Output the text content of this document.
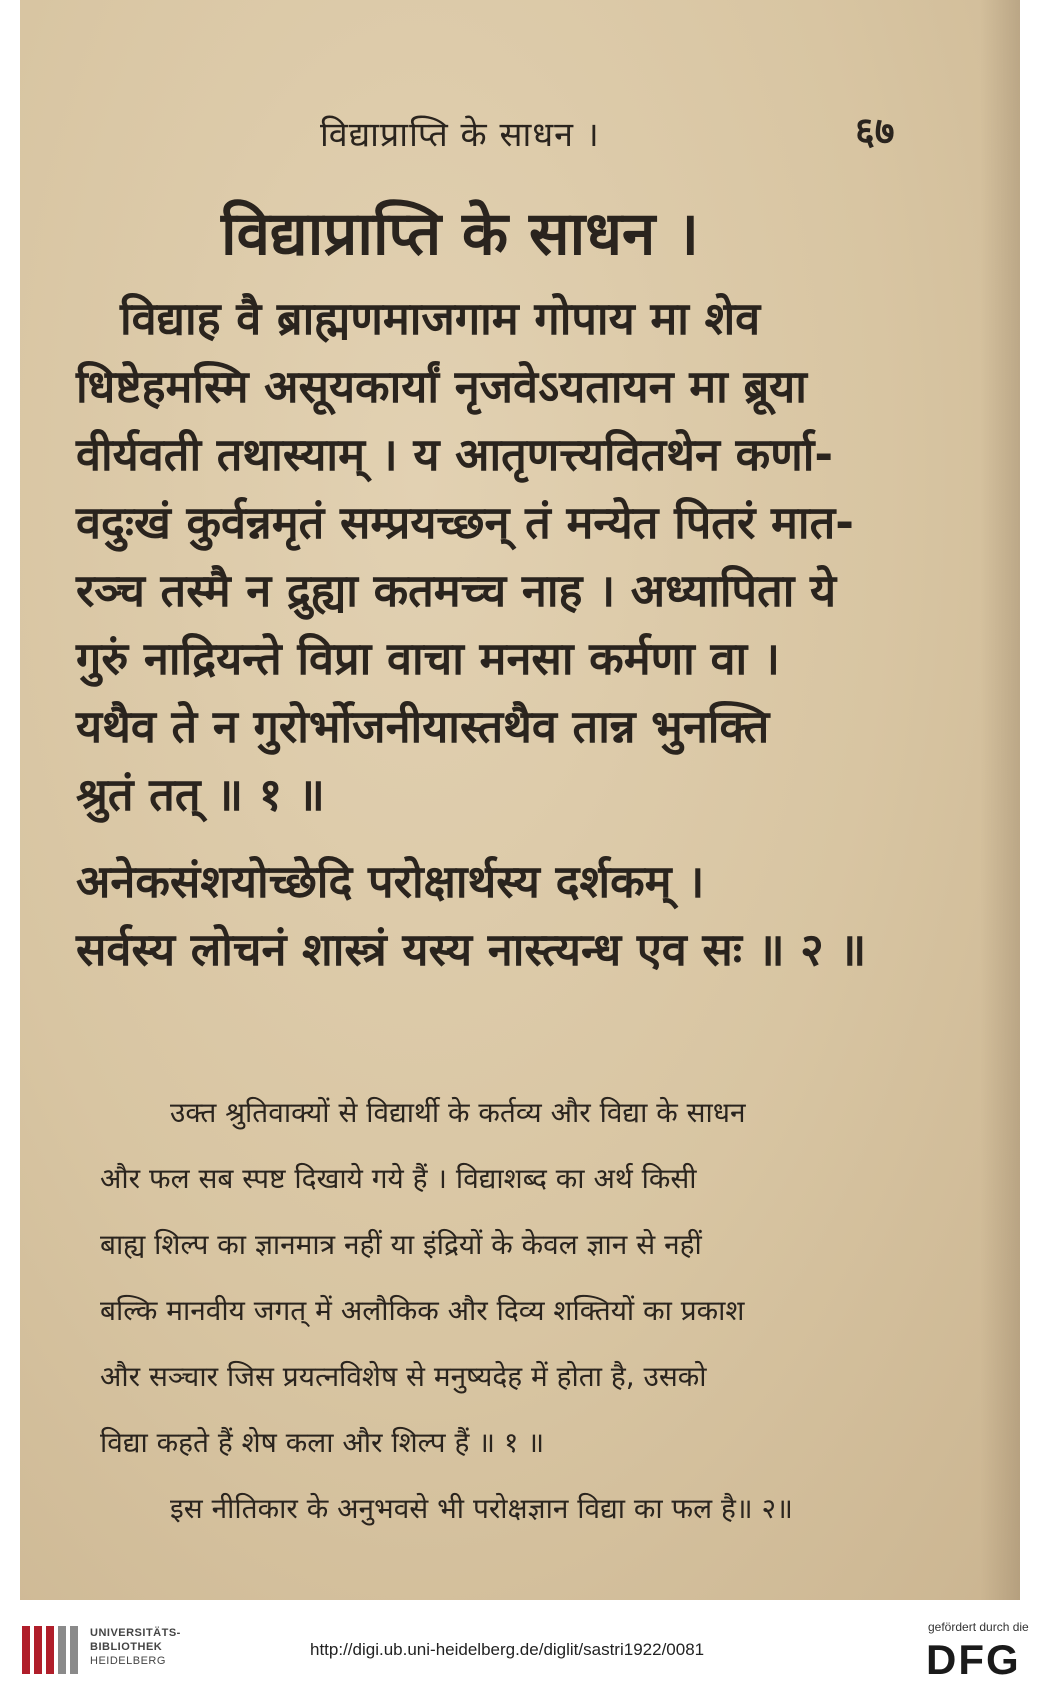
विद्याप्राप्ति के साधन ।	६७
विद्याप्राप्ति के साधन ।
विद्याह वै ब्राह्मणमाजगाम गोपाय मा शेव
धिष्टेहमस्मि असूयकार्यां नृजवेऽयतायन मा ब्रूया
वीर्यवती तथास्याम् । य आतृणत्त्यवितथेन कर्णा-
वदुःखं कुर्वन्नमृतं सम्प्रयच्छन् तं मन्येत पितरं मात-
रञ्च तस्मै न द्रुह्या कतमच्च नाह । अध्यापिता ये
गुरुं नाद्रियन्ते विप्रा वाचा मनसा कर्मणा वा ।
यथैव ते न गुरोर्भोजनीयास्तथैव तान्न भुनक्ति
श्रुतं तत् ॥ १ ॥
अनेकसंशयोच्छेदि परोक्षार्थस्य दर्शकम् ।
सर्वस्य लोचनं शास्त्रं यस्य नास्त्यन्ध एव सः ॥ २ ॥
उक्त श्रुतिवाक्यों से विद्यार्थी के कर्तव्य और विद्या के साधन
और फल सब स्पष्ट दिखाये गये हैं । विद्याशब्द का अर्थ किसी
बाह्य शिल्प का ज्ञानमात्र नहीं या इंद्रियों के केवल ज्ञान से नहीं
बल्कि मानवीय जगत् में अलौकिक और दिव्य शक्तियों का प्रकाश
और सञ्चार जिस प्रयत्नविशेष से मनुष्यदेह में होता है, उसको
विद्या कहते हैं शेष कला और शिल्प हैं ॥ १ ॥
इस नीतिकार के अनुभवसे भी परोक्षज्ञान विद्या का फल है॥ २॥
UNIVERSITÄTS-
BIBLIOTHEK
HEIDELBERG
http://digi.ub.uni-heidelberg.de/diglit/sastri1922/0081
gefördert durch die
DFG
